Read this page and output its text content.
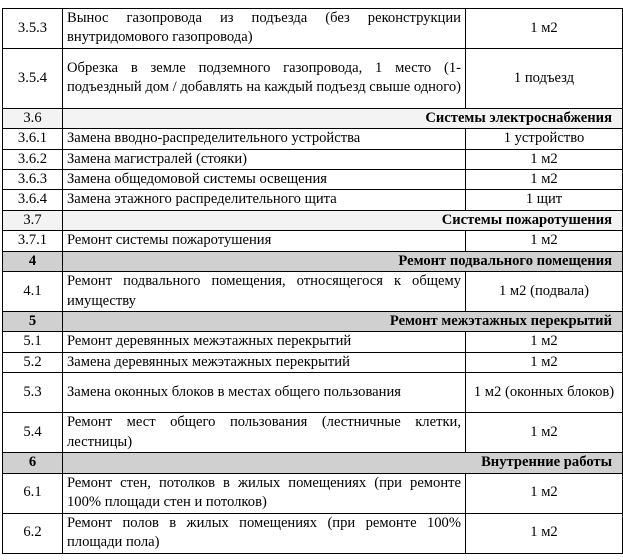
3.5.3	Вынос газопровода из подъезда (без реконструкции внутридомового газопровода)	1 м2
3.5.4	Обрезка в земле подземного газопровода, 1 место (1-подъездный дом / добавлять на каждый подъезд свыше одного)	1 подъезд
3.6	Системы электроснабжения	
3.6.1	Замена вводно-распределительного устройства	1 устройство
3.6.2	Замена магистралей (стояки)	1 м2
3.6.3	Замена общедомовой системы освещения	1 м2
3.6.4	Замена этажного распределительного щита	1 щит
3.7	Системы пожаротушения	
3.7.1	Ремонт системы пожаротушения	1 м2
4	Ремонт подвального помещения	
4.1	Ремонт подвального помещения, относящегося к общему имуществу	1 м2 (подвала)
5	Ремонт межэтажных перекрытий	
5.1	Ремонт деревянных межэтажных перекрытий	1 м2
5.2	Замена деревянных межэтажных перекрытий	1 м2
5.3	Замена оконных блоков в местах общего пользования	1 м2 (оконных блоков)
5.4	Ремонт мест общего пользования (лестничные клетки, лестницы)	1 м2
6	Внутренние работы	
6.1	Ремонт стен, потолков в жилых помещениях (при ремонте 100% площади стен и потолков)	1 м2
6.2	Ремонт полов в жилых помещениях (при ремонте 100% площади пола)	1 м2
